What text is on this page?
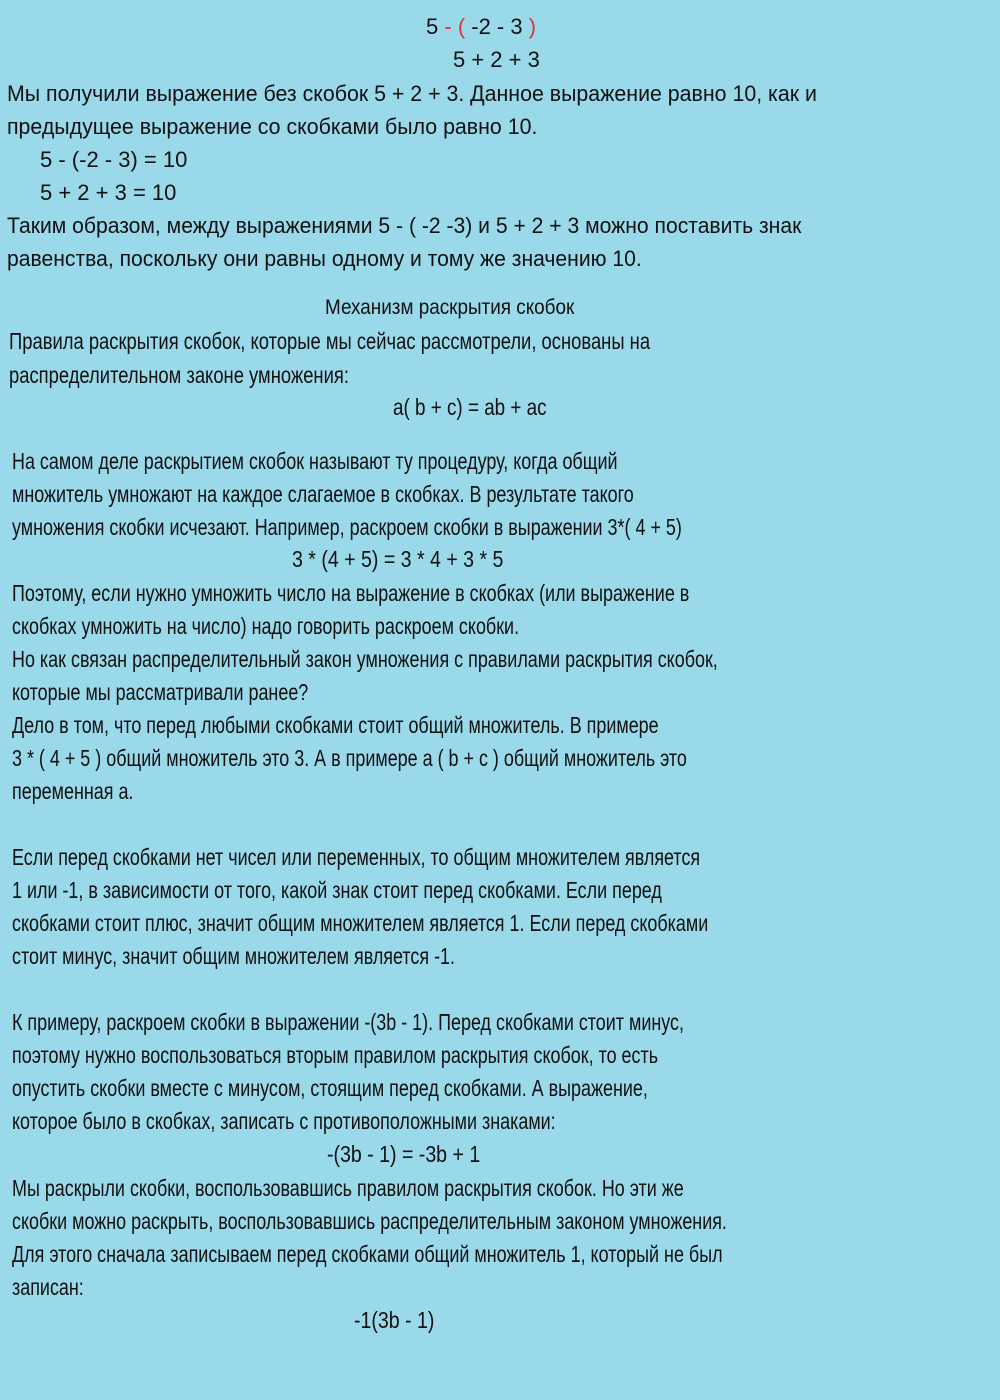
5 - ( -2 - 3 )
5 + 2 + 3
Мы получили выражение без скобок 5 + 2 + 3. Данное выражение равно 10, как и
предыдущее выражение со скобками было равно 10.
5 - (-2 - 3) = 10
5 + 2 + 3 = 10
Таким образом, между выражениями 5 - ( -2 -3) и 5 + 2 + 3 можно поставить знак
равенства, поскольку они равны одному и тому же значению 10.
Механизм раскрытия скобок
Правила раскрытия скобок, которые мы сейчас рассмотрели, основаны на
распределительном законе умножения:
a( b + c) = ab + ac
На самом деле раскрытием скобок называют ту процедуру, когда общий
множитель умножают на каждое слагаемое в скобках. В результате такого
умножения скобки исчезают. Например, раскроем скобки в выражении 3*( 4 + 5)
3 * (4 + 5) = 3 * 4 + 3 * 5
Поэтому, если нужно умножить число на выражение в скобках (или выражение в
скобках умножить на число) надо говорить раскроем скобки.
Но как связан распределительный закон умножения с правилами раскрытия скобок,
которые мы рассматривали ранее?
Дело в том, что перед любыми скобками стоит общий множитель. В примере
3 * ( 4 + 5 ) общий множитель это 3. А в примере a ( b + c ) общий множитель это
переменная a.
Если перед скобками нет чисел или переменных, то общим множителем является
1 или -1, в зависимости от того, какой знак стоит перед скобками. Если перед
скобками стоит плюс, значит общим множителем является 1. Если перед скобками
стоит минус, значит общим множителем является -1.
К примеру, раскроем скобки в выражении -(3b - 1). Перед скобками стоит минус,
поэтому нужно воспользоваться вторым правилом раскрытия скобок, то есть
опустить скобки вместе с минусом, стоящим перед скобками. А выражение,
которое было в скобках, записать с противоположными знаками:
-(3b - 1) = -3b + 1
Мы раскрыли скобки, воспользовавшись правилом раскрытия скобок. Но эти же
скобки можно раскрыть, воспользовавшись распределительным законом умножения.
Для этого сначала записываем перед скобками общий множитель 1, который не был
записан:
-1(3b - 1)
